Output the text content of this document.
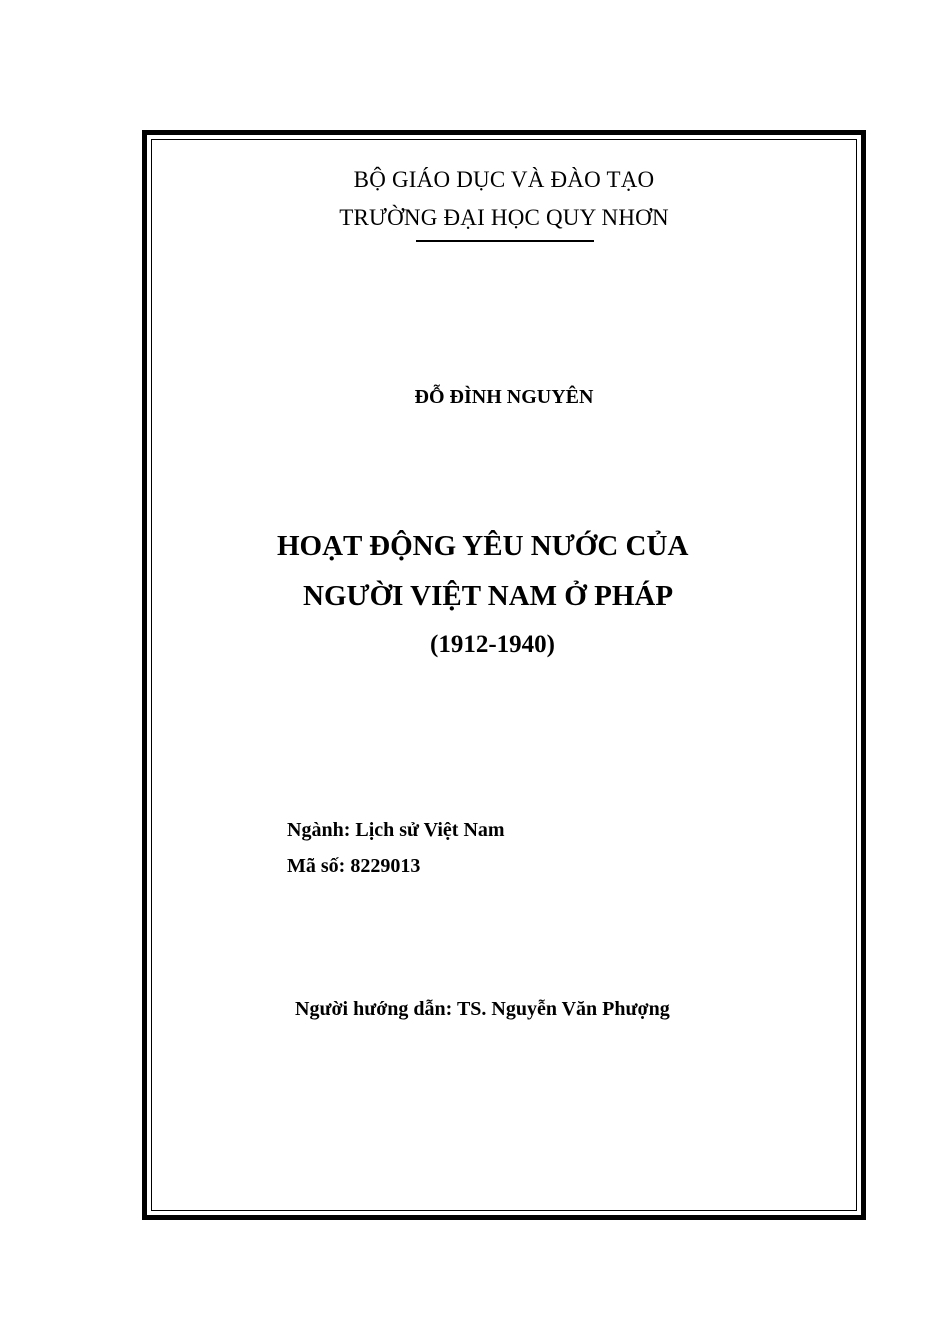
BỘ GIÁO DỤC VÀ ĐÀO TẠO

TRƯỜNG ĐẠI HỌC QUY NHƠN

ĐỖ ĐÌNH NGUYÊN

HOẠT ĐỘNG YÊU NƯỚC CỦA

NGƯỜI VIỆT NAM Ở PHÁP

(1912-1940)

Ngành: Lịch sử Việt Nam

Mã số: 8229013

Người hướng dẫn: TS. Nguyễn Văn Phượng
